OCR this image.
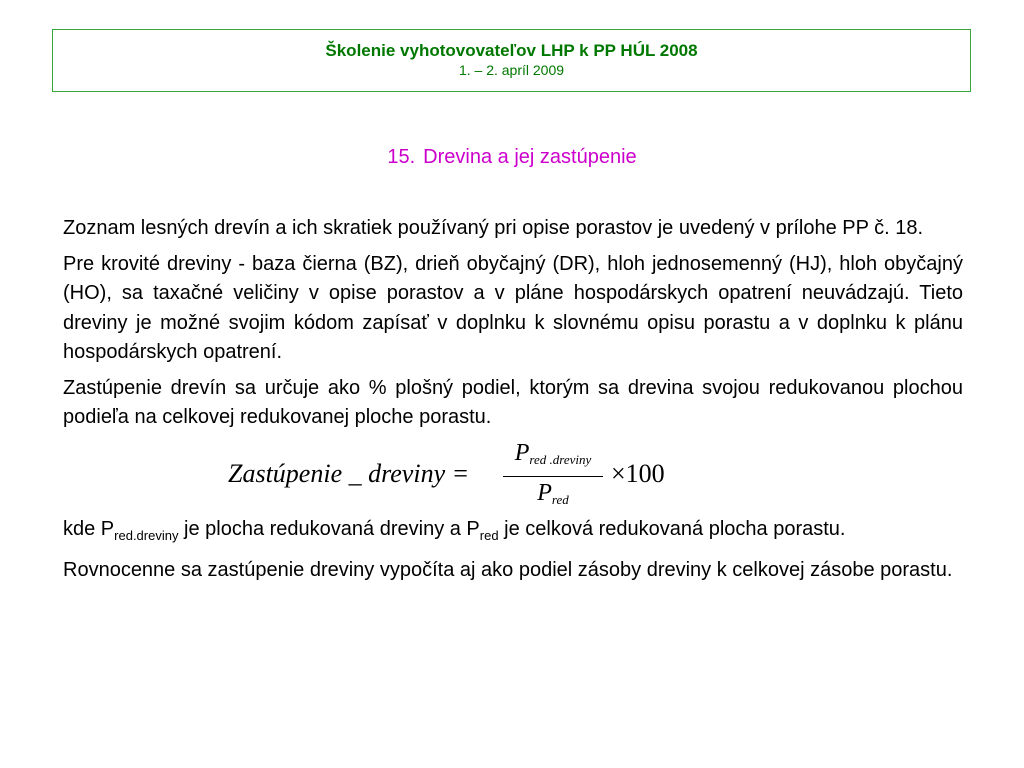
Školenie vyhotovovateľov LHP k PP HÚL 2008
1. – 2. apríl 2009
15. Drevina a jej zastúpenie

Zoznam lesných drevín a ich skratiek používaný pri opise porastov je uvedený v prílohe PP č. 18.

Pre krovité dreviny - baza čierna (BZ), drieň obyčajný (DR), hloh jednosemenný (HJ), hloh obyčajný (HO), sa taxačné veličiny v opise porastov a v pláne hospodárskych opatrení neuvádzajú. Tieto dreviny je možné svojim kódom zapísať v doplnku k slovnému opisu porastu a v doplnku k plánu hospodárskych opatrení.

Zastúpenie drevín sa určuje ako % plošný podiel, ktorým sa drevina svojou redukovanou plochou podieľa na celkovej redukovanej ploche porastu.

Zastúpenie _ dreviny =
Pred .dreviny
Pred
×100

kde $P_{red.dreviny}$ je plocha redukovaná dreviny a $P_{red}$ je celková redukovaná plocha porastu.

Rovnocenne sa zastúpenie dreviny vypočíta aj ako podiel zásoby dreviny k celkovej zásobe porastu.
